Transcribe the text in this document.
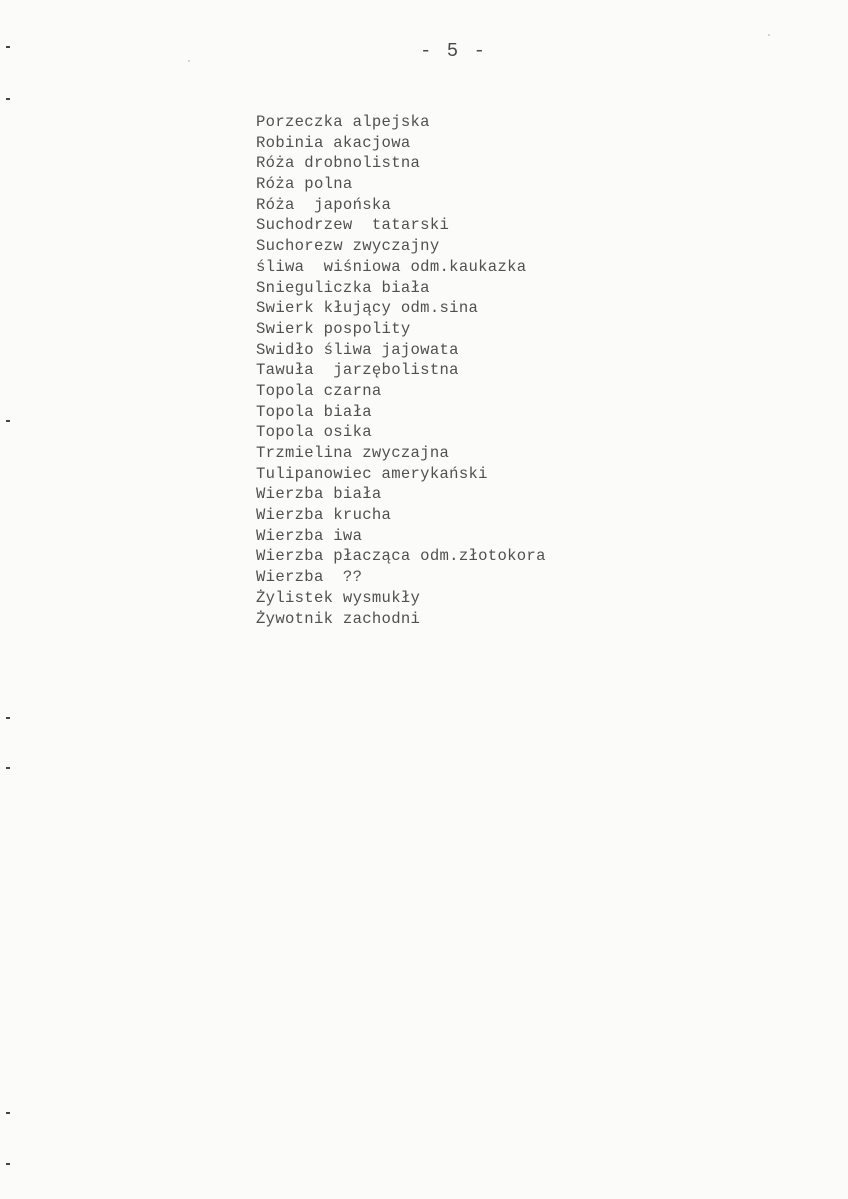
- 5 -
Porzeczka alpejska
Robinia akacjowa
Róża drobnolistna
Róża polna
Róża  japońska
Suchodrzew  tatarski
Suchorezw zwyczajny
śliwa  wiśniowa odm.kaukazka
Snieguliczka biała
Swierk kłujący odm.sina
Swierk pospolity
Swidło śliwa jajowata
Tawuła  jarzębolistna
Topola czarna
Topola biała
Topola osika
Trzmielina zwyczajna
Tulipanowiec amerykański
Wierzba biała
Wierzba krucha
Wierzba iwa
Wierzba płacząca odm.złotokora
Wierzba  ??
Żylistek wysmukły
Żywotnik zachodni
